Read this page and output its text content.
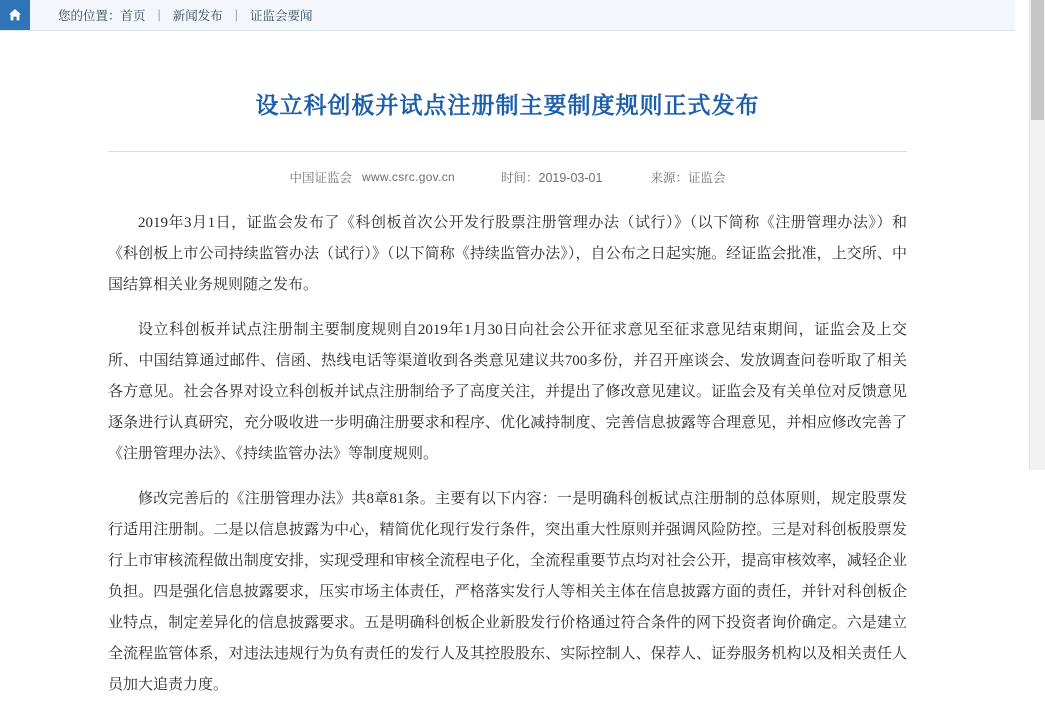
您的位置： 首页 | 新闻发布 | 证监会要闻
设立科创板并试点注册制主要制度规则正式发布
中国证监会 www.csrc.gov.cn	时间：2019-03-01	来源：证监会

2019年3月1日，证监会发布了《科创板首次公开发行股票注册管理办法（试行）》（以下简称《注册管理办法》）和《科创板上市公司持续监管办法（试行）》（以下简称《持续监管办法》），自公布之日起实施。经证监会批准，上交所、中国结算相关业务规则随之发布。

设立科创板并试点注册制主要制度规则自2019年1月30日向社会公开征求意见至征求意见结束期间，证监会及上交所、中国结算通过邮件、信函、热线电话等渠道收到各类意见建议共700多份，并召开座谈会、发放调查问卷听取了相关各方意见。社会各界对设立科创板并试点注册制给予了高度关注，并提出了修改意见建议。证监会及有关单位对反馈意见逐条进行认真研究，充分吸收进一步明确注册要求和程序、优化减持制度、完善信息披露等合理意见，并相应修改完善了《注册管理办法》、《持续监管办法》等制度规则。

修改完善后的《注册管理办法》共8章81条。主要有以下内容：一是明确科创板试点注册制的总体原则，规定股票发行适用注册制。二是以信息披露为中心，精简优化现行发行条件，突出重大性原则并强调风险防控。三是对科创板股票发行上市审核流程做出制度安排，实现受理和审核全流程电子化，全流程重要节点均对社会公开，提高审核效率，减轻企业负担。四是强化信息披露要求，压实市场主体责任，严格落实发行人等相关主体在信息披露方面的责任，并针对科创板企业特点，制定差异化的信息披露要求。五是明确科创板企业新股发行价格通过符合条件的网下投资者询价确定。六是建立全流程监管体系，对违法违规行为负有责任的发行人及其控股股东、实际控制人、保荐人、证券服务机构以及相关责任人员加大追责力度。
